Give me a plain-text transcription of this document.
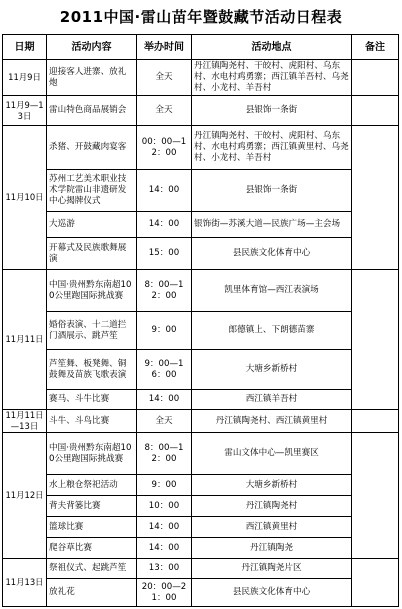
2011中国·雷山苗年暨鼓藏节活动日程表
日期	活动内容	举办时间	活动地点	备注
11月9日	迎接客人进寨、放礼炮	全天	丹江镇陶尧村、干皎村、虎阳村、乌东村、水电村鸡勇寨；西江镇羊吾村、乌尧村、小龙村、羊吾村	
11月9—13日	雷山特色商品展销会	全天	县银饰一条街	
11月10日	杀猪、开鼓藏肉宴客	00：00—12：00	丹江镇陶尧村、干皎村、虎阳村、乌东村、水电村鸡勇寨；西江镇黄里村、乌尧村、小龙村、羊吾村	
	苏州工艺美术职业技术学院雷山非遗研发中心揭牌仪式	14：00	县银饰一条街	
	大巡游	14：00	银饰街—苏溪大道—民族广场—主会场	
	开幕式及民族歌舞展演	15：00	县民族文化体育中心	
11月11日	中国·贵州黔东南超100公里跑国际挑战赛	8：00—12：00	凯里体育馆—西江表演场	
	婚俗表演、十二道拦门酒展示、跳芦笙	9：00	郎德镇上、下朗德苗寨	
	芦笙舞、板凳舞、铜鼓舞及苗族飞歌表演	9：00—16：00	大塘乡新桥村	
	赛马、斗牛比赛	14：00	西江镇羊吾村	
11月11日—13日	斗牛、斗鸟比赛	全天	丹江镇陶尧村、西江镇黄里村	
11月12日	中国·贵州黔东南超100公里跑国际挑战赛	8：00—12：00	雷山文体中心—凯里赛区	
	水上粮仓祭祀活动	9：00	大塘乡新桥村	
	背夫背篓比赛	10：00	丹江镇陶尧村	
	篮球比赛	14：00	西江镇黄里村	
	爬谷草比赛	14：00	丹江镇陶尧	
11月13日	祭祖仪式、起跳芦笙	13：00	丹江镇陶尧片区	
	放礼花	20：00—21：00	县民族文化体育中心	
